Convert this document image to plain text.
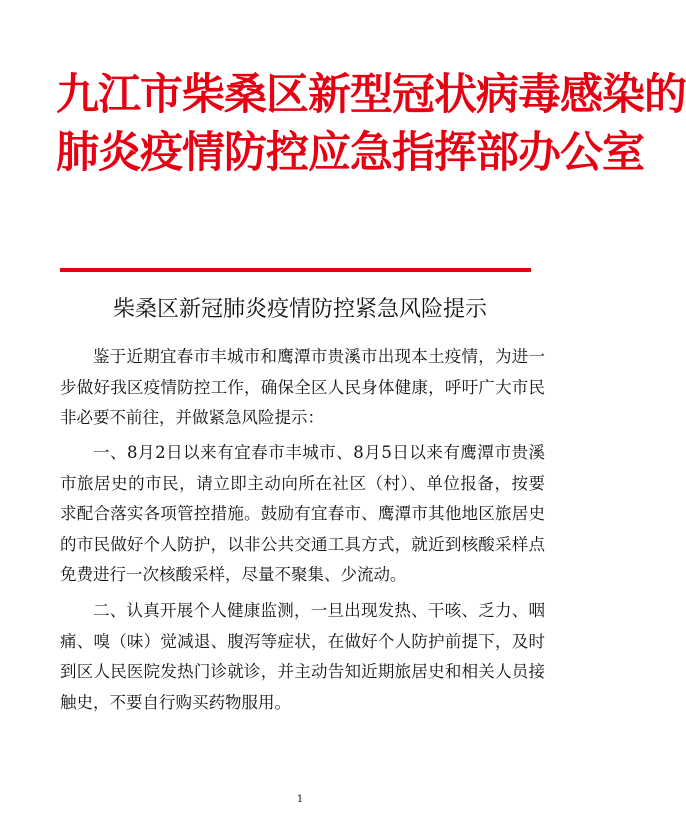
九江市柴桑区新型冠状病毒感染的
肺炎疫情防控应急指挥部办公室
柴桑区新冠肺炎疫情防控紧急风险提示

鉴于近期宜春市丰城市和鹰潭市贵溪市出现本土疫情，为进一步做好我区疫情防控工作，确保全区人民身体健康，呼吁广大市民非必要不前往，并做紧急风险提示：

一、8月2日以来有宜春市丰城市、8月5日以来有鹰潭市贵溪市旅居史的市民，请立即主动向所在社区（村）、单位报备，按要求配合落实各项管控措施。鼓励有宜春市、鹰潭市其他地区旅居史的市民做好个人防护，以非公共交通工具方式，就近到核酸采样点免费进行一次核酸采样，尽量不聚集、少流动。

二、认真开展个人健康监测，一旦出现发热、干咳、乏力、咽痛、嗅（味）觉减退、腹泻等症状，在做好个人防护前提下，及时到区人民医院发热门诊就诊，并主动告知近期旅居史和相关人员接触史，不要自行购买药物服用。

1
